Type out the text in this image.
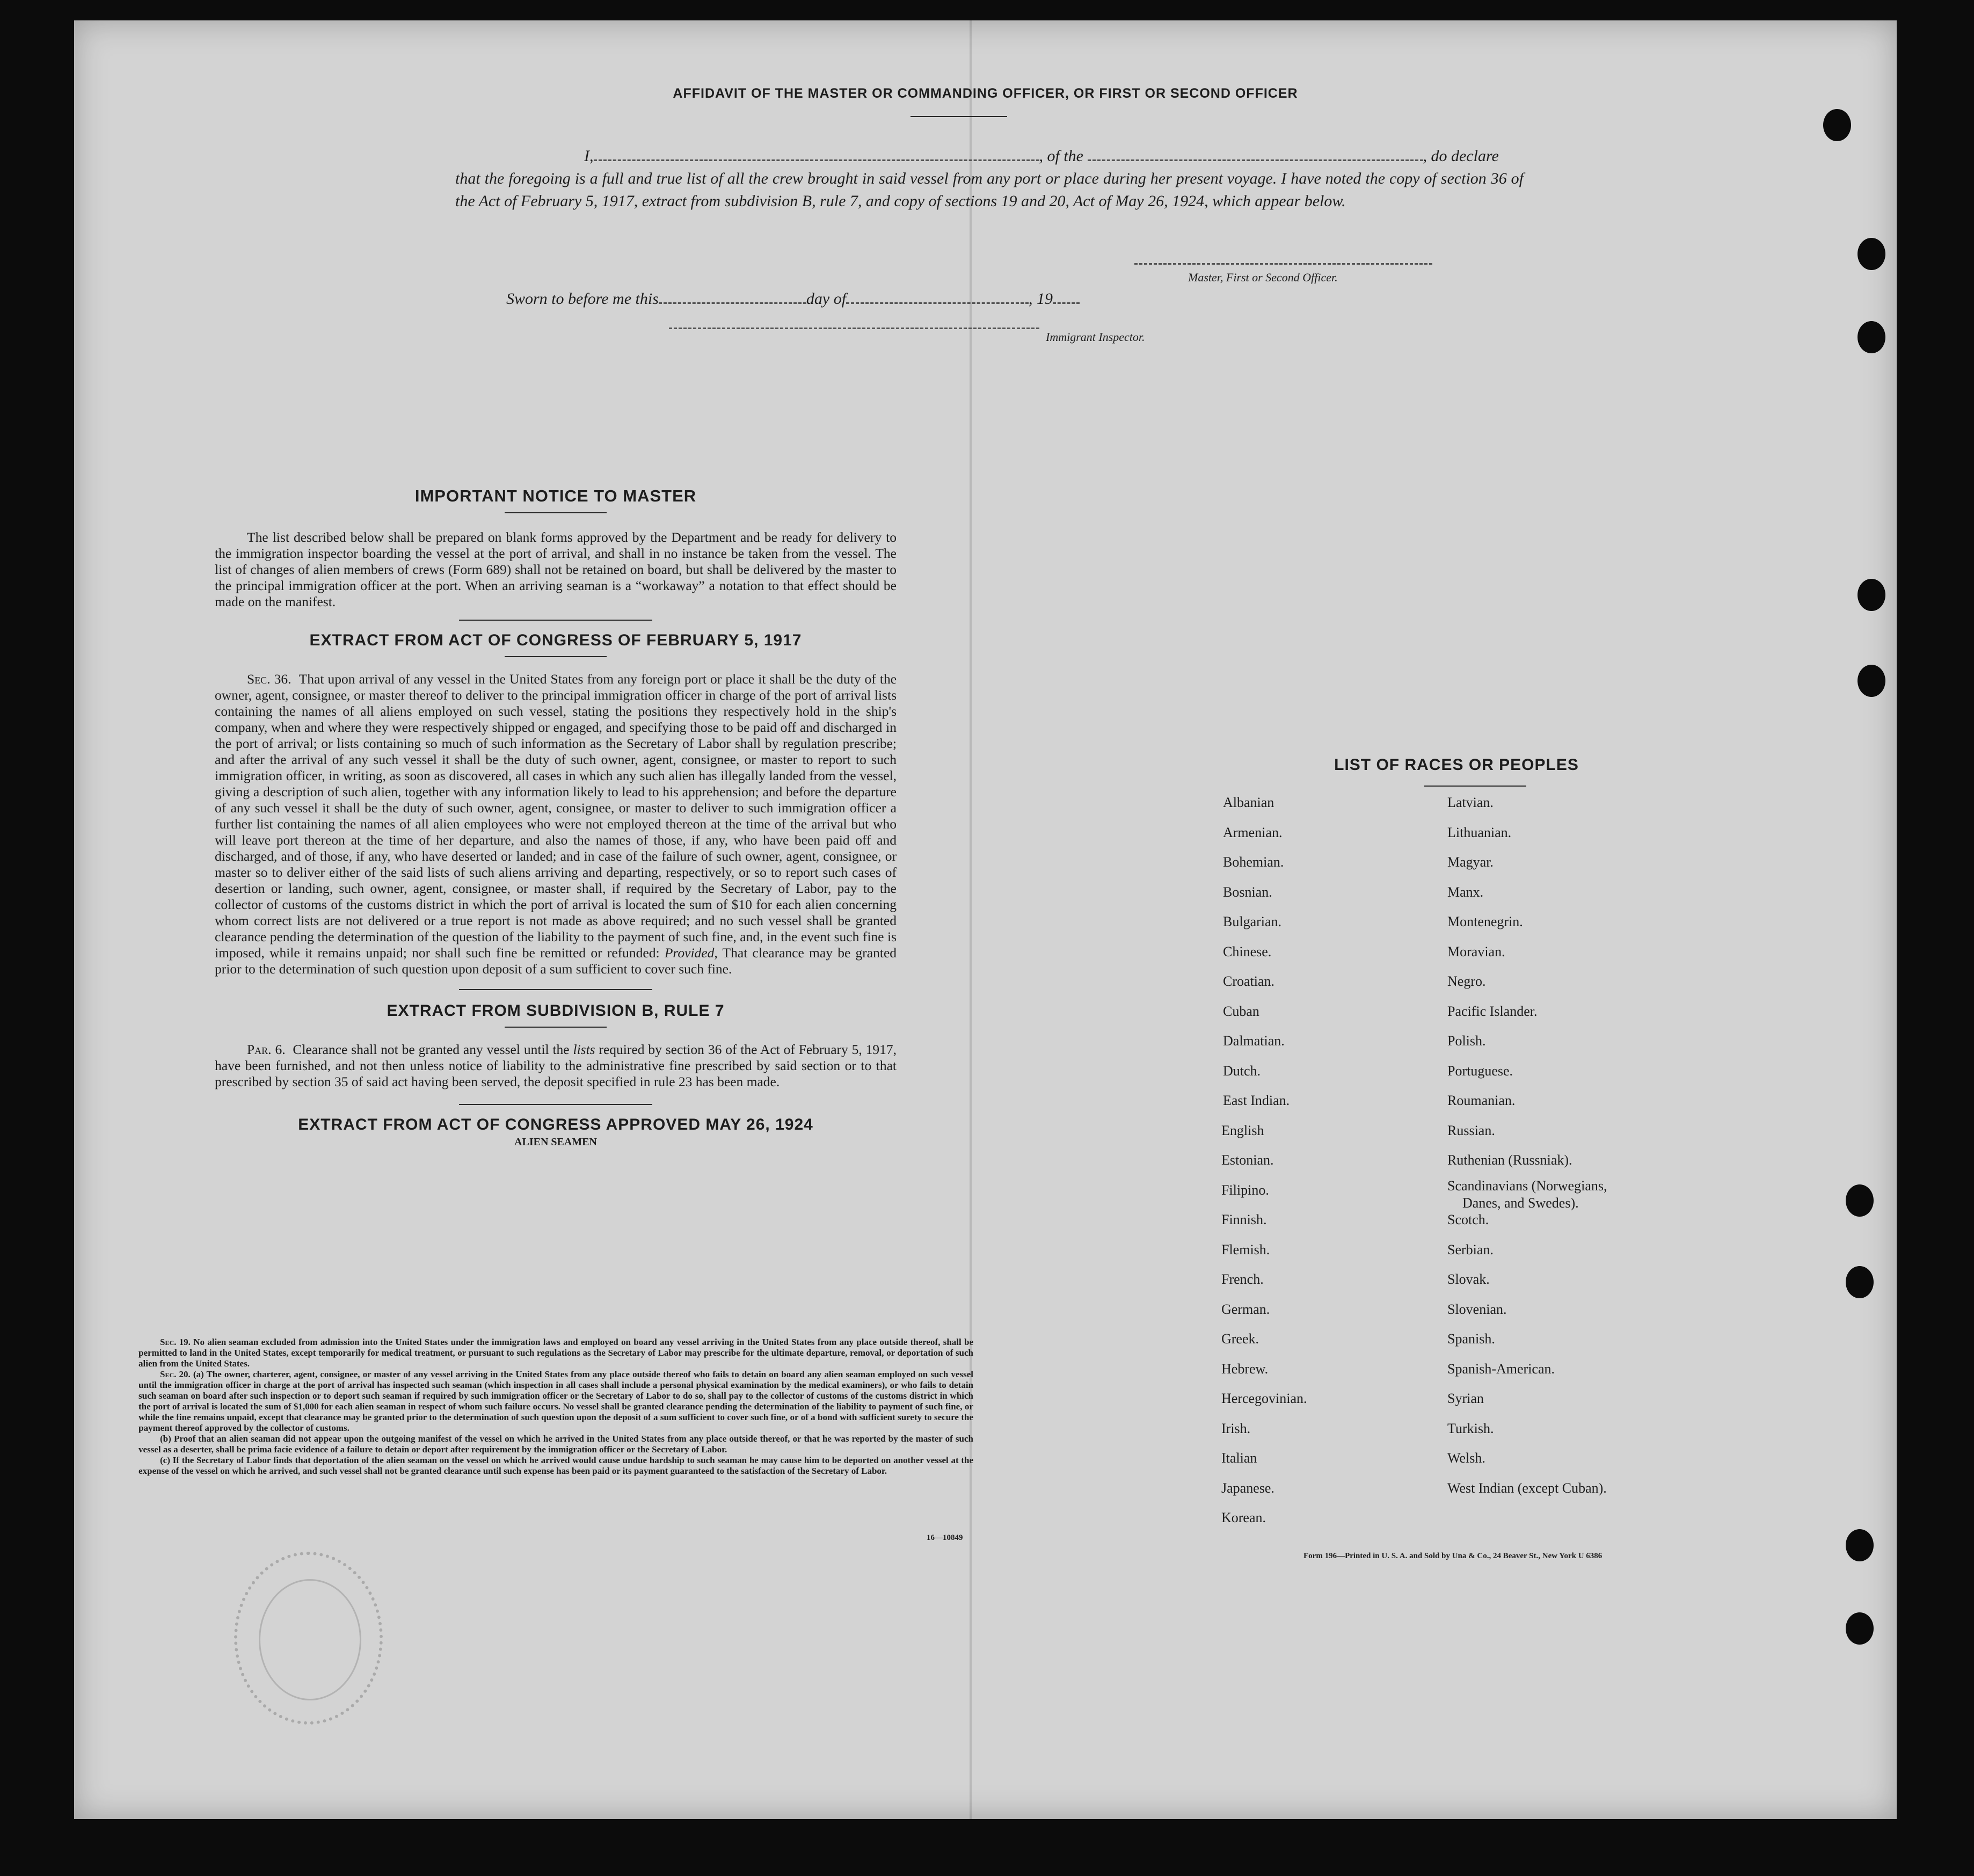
AFFIDAVIT OF THE MASTER OR COMMANDING OFFICER, OR FIRST OR SECOND OFFICER
I,	, of the	, do declare
that the foregoing is a full and true list of all the crew brought in said vessel from any port or place during her present voyage. I have noted the copy of section 36 of the Act of February 5, 1917, extract from subdivision B, rule 7, and copy of sections 19 and 20, Act of May 26, 1924, which appear below.
Master, First or Second Officer.
Sworn to before me this	day of	, 19
Immigrant Inspector.
IMPORTANT NOTICE TO MASTER

The list described below shall be prepared on blank forms approved by the Department and be ready for delivery to the immigration inspector boarding the vessel at the port of arrival, and shall in no instance be taken from the vessel. The list of changes of alien members of crews (Form 689) shall not be retained on board, but shall be delivered by the master to the principal immigration officer at the port. When an arriving seaman is a “workaway” a notation to that effect should be made on the manifest.

EXTRACT FROM ACT OF CONGRESS OF FEBRUARY 5, 1917

Sec. 36. That upon arrival of any vessel in the United States from any foreign port or place it shall be the duty of the owner, agent, consignee, or master thereof to deliver to the principal immigration officer in charge of the port of arrival lists containing the names of all aliens employed on such vessel, stating the positions they respectively hold in the ship's company, when and where they were respectively shipped or engaged, and specifying those to be paid off and discharged in the port of arrival; or lists containing so much of such information as the Secretary of Labor shall by regulation prescribe; and after the arrival of any such vessel it shall be the duty of such owner, agent, consignee, or master to report to such immigration officer, in writing, as soon as discovered, all cases in which any such alien has illegally landed from the vessel, giving a description of such alien, together with any information likely to lead to his apprehension; and before the departure of any such vessel it shall be the duty of such owner, agent, consignee, or master to deliver to such immigration officer a further list containing the names of all alien employees who were not employed thereon at the time of the arrival but who will leave port thereon at the time of her departure, and also the names of those, if any, who have been paid off and discharged, and of those, if any, who have deserted or landed; and in case of the failure of such owner, agent, consignee, or master so to deliver either of the said lists of such aliens arriving and departing, respectively, or so to report such cases of desertion or landing, such owner, agent, consignee, or master shall, if required by the Secretary of Labor, pay to the collector of customs of the customs district in which the port of arrival is located the sum of $10 for each alien concerning whom correct lists are not delivered or a true report is not made as above required; and no such vessel shall be granted clearance pending the determination of the question of the liability to the payment of such fine, and, in the event such fine is imposed, while it remains unpaid; nor shall such fine be remitted or refunded: Provided, That clearance may be granted prior to the determination of such question upon deposit of a sum sufficient to cover such fine.

EXTRACT FROM SUBDIVISION B, RULE 7

Par. 6. Clearance shall not be granted any vessel until the lists required by section 36 of the Act of February 5, 1917, have been furnished, and not then unless notice of liability to the administrative fine prescribed by said section or to that prescribed by section 35 of said act having been served, the deposit specified in rule 23 has been made.

EXTRACT FROM ACT OF CONGRESS APPROVED MAY 26, 1924
ALIEN SEAMEN

Sec. 19. No alien seaman excluded from admission into the United States under the immigration laws and employed on board any vessel arriving in the United States from any place outside thereof, shall be permitted to land in the United States, except temporarily for medical treatment, or pursuant to such regulations as the Secretary of Labor may prescribe for the ultimate departure, removal, or deportation of such alien from the United States.

Sec. 20. (a) The owner, charterer, agent, consignee, or master of any vessel arriving in the United States from any place outside thereof who fails to detain on board any alien seaman employed on such vessel until the immigration officer in charge at the port of arrival has inspected such seaman (which inspection in all cases shall include a personal physical examination by the medical examiners), or who fails to detain such seaman on board after such inspection or to deport such seaman if required by such immigration officer or the Secretary of Labor to do so, shall pay to the collector of customs of the customs district in which the port of arrival is located the sum of $1,000 for each alien seaman in respect of whom such failure occurs. No vessel shall be granted clearance pending the determination of the liability to payment of such fine, or while the fine remains unpaid, except that clearance may be granted prior to the determination of such question upon the deposit of a sum sufficient to cover such fine, or of a bond with sufficient surety to secure the payment thereof approved by the collector of customs.

(b) Proof that an alien seaman did not appear upon the outgoing manifest of the vessel on which he arrived in the United States from any place outside thereof, or that he was reported by the master of such vessel as a deserter, shall be prima facie evidence of a failure to detain or deport after requirement by the immigration officer or the Secretary of Labor.

(c) If the Secretary of Labor finds that deportation of the alien seaman on the vessel on which he arrived would cause undue hardship to such seaman he may cause him to be deported on another vessel at the expense of the vessel on which he arrived, and such vessel shall not be granted clearance until such expense has been paid or its payment guaranteed to the satisfaction of the Secretary of Labor.

16—10849
LIST OF RACES OR PEOPLES
Albanian
Armenian.
Bohemian.
Bosnian.
Bulgarian.
Chinese.
Croatian.
Cuban
Dalmatian.
Dutch.
East Indian.
English
Estonian.
Filipino.
Finnish.
Flemish.
French.
German.
Greek.
Hebrew.
Hercegovinian.
Irish.
Italian
Japanese.
Korean.
Latvian.
Lithuanian.
Magyar.
Manx.
Montenegrin.
Moravian.
Negro.
Pacific Islander.
Polish.
Portuguese.
Roumanian.
Russian.
Ruthenian (Russniak).
Scandinavians (Norwegians,
Danes, and Swedes).
Scotch.
Serbian.
Slovak.
Slovenian.
Spanish.
Spanish-American.
Syrian
Turkish.
Welsh.
West Indian (except Cuban).
Form 196—Printed in U. S. A. and Sold by Una & Co., 24 Beaver St., New York U 6386
